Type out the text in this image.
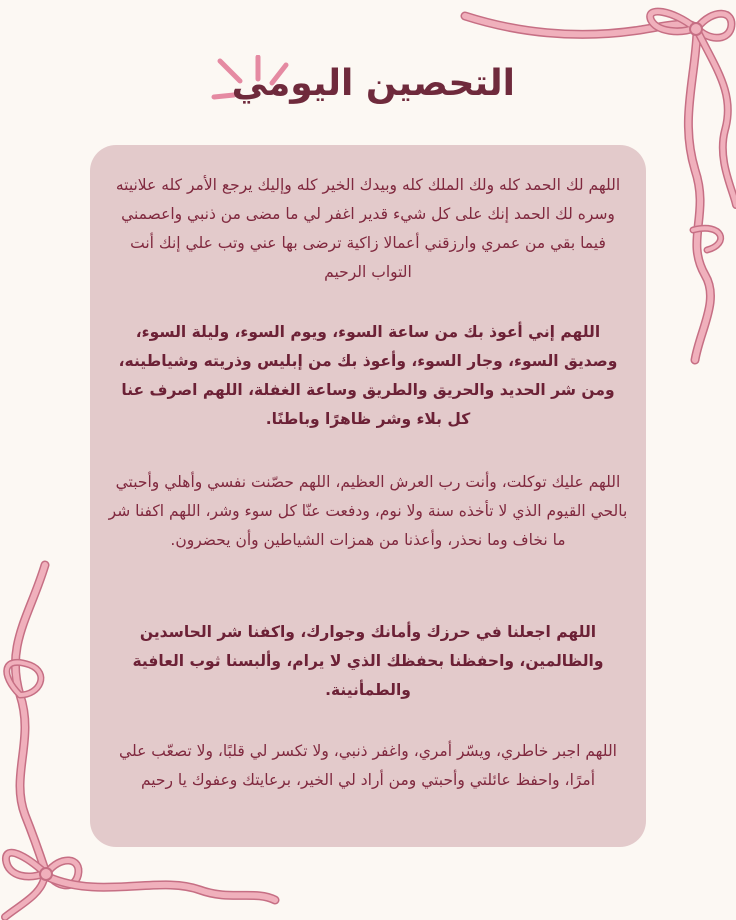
التحصين اليومي

اللهم لك الحمد كله ولك الملك كله وبيدك الخير كله وإليك يرجع الأمر كله علانيته وسره لك الحمد إنك على كل شيء قدير اغفر لي ما مضى من ذنبي واعصمني فيما بقي من عمري وارزقني أعمالا زاكية ترضى بها عني وتب علي إنك أنت التواب الرحيم

اللهم إني أعوذ بك من ساعة السوء، ويوم السوء، وليلة السوء، وصديق السوء، وجار السوء، وأعوذ بك من إبليس وذريته وشياطينه، ومن شر الحديد والحريق والطريق وساعة الغفلة، اللهم اصرف عنا كل بلاء وشر ظاهرًا وباطنًا.

اللهم عليك توكلت، وأنت رب العرش العظيم، اللهم حصّنت نفسي وأهلي وأحبتي بالحي القيوم الذي لا تأخذه سنة ولا نوم، ودفعت عنّا كل سوء وشر، اللهم اكفنا شر ما نخاف وما نحذر، وأعذنا من همزات الشياطين وأن يحضرون.

اللهم اجعلنا في حرزك وأمانك وجوارك، واكفنا شر الحاسدين والظالمين، واحفظنا بحفظك الذي لا يرام، وألبسنا ثوب العافية والطمأنينة.

اللهم اجبر خاطري، ويسّر أمري، واغفر ذنبي، ولا تكسر لي قلبًا، ولا تصعّب علي أمرًا، واحفظ عائلتي وأحبتي ومن أراد لي الخير، برعايتك وعفوك يا رحيم
